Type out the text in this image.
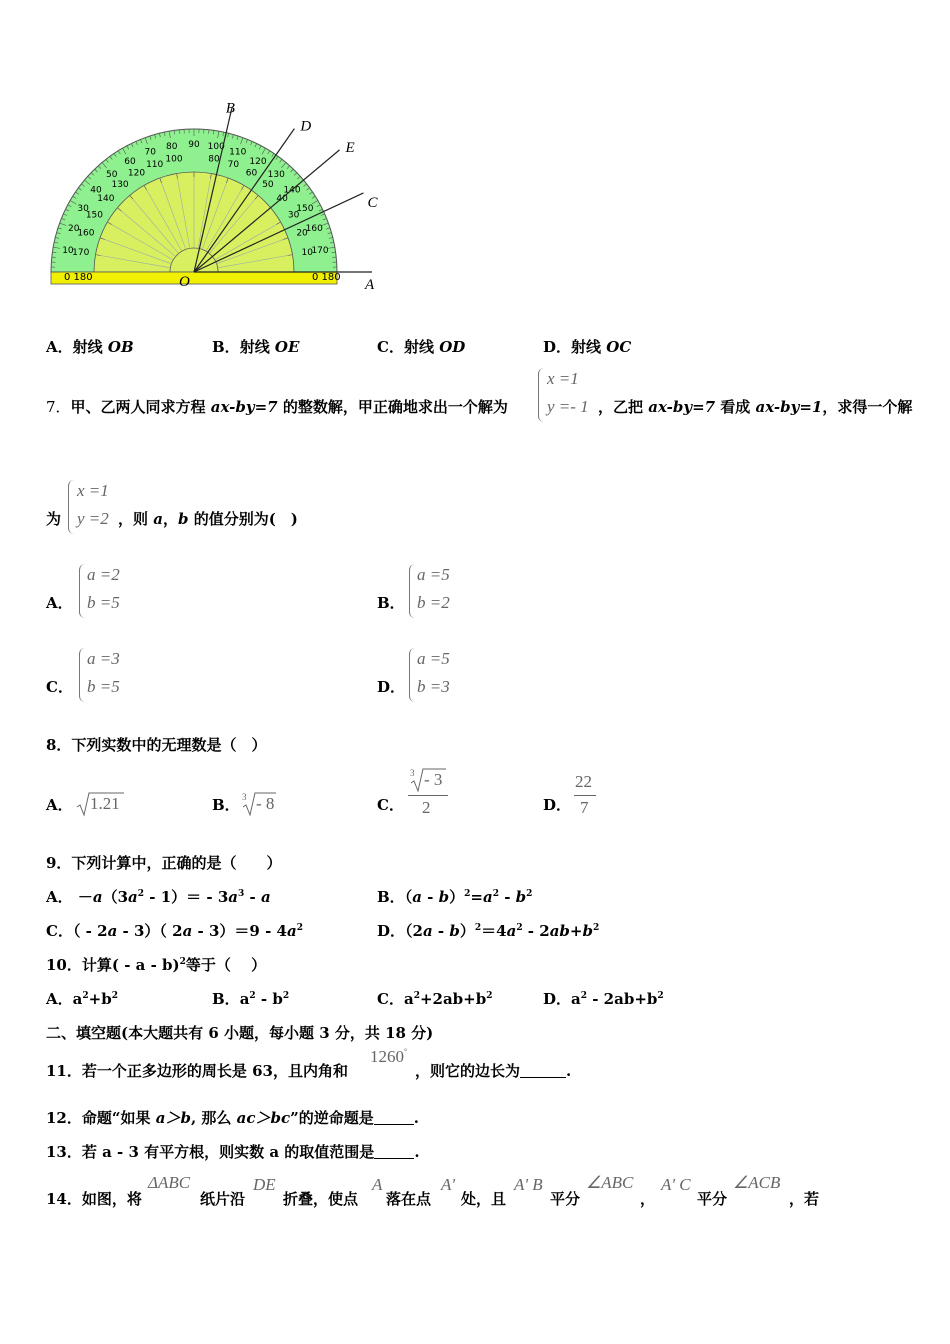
10
20
30
40
50
60
70
80 90 100
110
120
130
140
150
160
170
170
160
150
140
130
120
110
100	80
70
60
50
40
30
20
10
B
D
E
C
0 180	0 180
O	A
A．射线 OB	B．射线 OE	C．射线 OD	D．射线 OC
7．甲、乙两人同求方程 ax-by=7 的整数解，甲正确地求出一个解为
x =1
y =- 1 ，乙把 ax-by=7 看成 ax-by=1，求得一个解
为
x =1
y =2 ，则 a，b 的值分别为(　)
A．
a =2
b =5	B．
a =5
b =2
C．
a =3
b =5	D．
a =5
b =3
8．下列实数中的无理数是（　）
A． 1.21	B． 3 - 8	C．
3 - 3
2	D．
22
7
9．下列计算中，正确的是（　　）
A． $-a(3a^2 - 1)= - 3a^3 - a$	B．$(a - b)^2=a^2 - b^2$
C．（ - 2a - 3）（ $2a - 3)=9 - 4a^2$	D．$(2a - b)^2=4a^2 - 2ab+b^2$
10．计算( - a - b)$^2$等于（　 ）
A．$a^2+b^2$	B．$a^2 - b^2$	C．$a^2+2ab+b^2$	D．$a^2 - 2ab+b^2$
二、填空题(本大题共有 6 小题，每小题 3 分，共 18 分)
11．若一个正多边形的周长是 63，且内角和
1260°
，则它的边长为	.
12．命题“如果 a＞b, 那么 ac＞bc”的逆命题是	.
13．若 a - 3 有平方根，则实数 a 的取值范围是	.
14．如图，将
ΔABC
纸片沿
DE
折叠，使点
A
落在点
A'
处，且
A' B
平分
∠ABC
，
A' C
平分
∠ACB
，若
